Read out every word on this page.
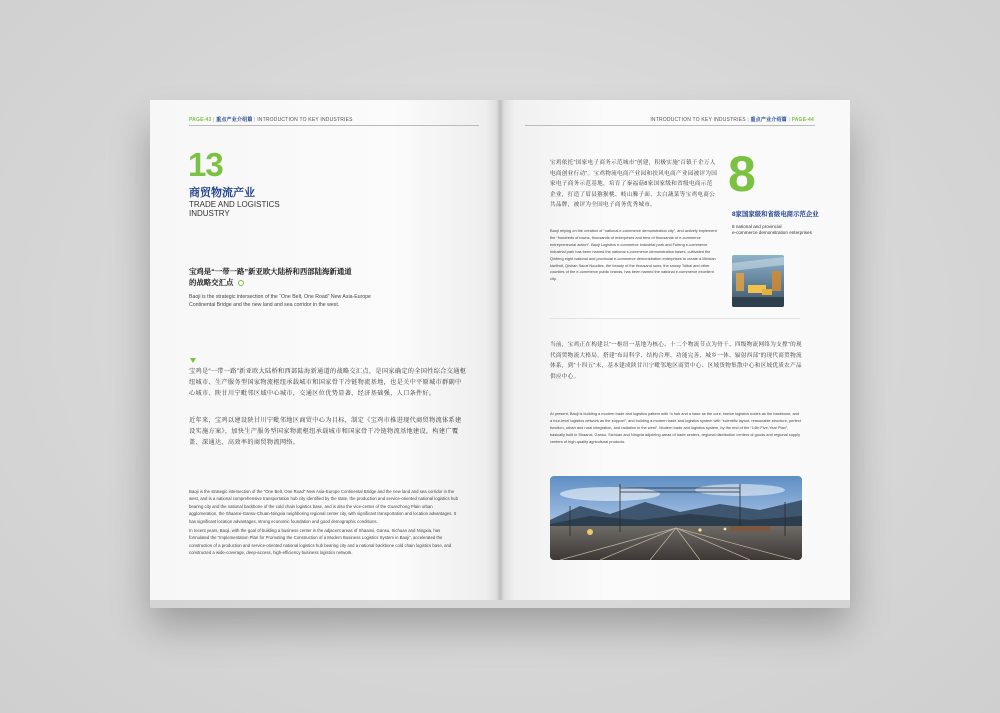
PAGE-43 | 重点产业介绍篇 | INTRODUCTION TO KEY INDUSTRIES
13
商贸物流产业
TRADE AND LOGISTICS
INDUSTRY
宝鸡是“一带一路”新亚欧大陆桥和西部陆海新通道
的战略交汇点
Baoji is the strategic intersection of the “One Belt, One Road” New Asia-Europe
Continental Bridge and the new land and sea corridor in the west.
宝鸡是“一带一路”新亚欧大陆桥和西部陆海新通道的战略交汇点，是国家确定的全国性综合交通枢纽城市、生产服务型国家物流枢纽承载城市和国家骨干冷链物流基地，也是关中平原城市群副中心城市、陕甘川宁毗邻区域中心城市，交通区位优势显著，经济基础强，人口条件好。
近年来，宝鸡以建设陕甘川宁毗邻地区商贸中心为目标，制定《宝鸡市推进现代商贸物流体系建设实施方案》，加快生产服务型国家物流枢纽承载城市和国家骨干冷链物流基地建设，构建广覆盖、深通达、高效率的商贸物流网络。
Baoji is the strategic intersection of the “One Belt, One Road” New Asia-Europe Continental Bridge and the new land and sea corridor in the west, and is a national comprehensive transportation hub city identified by the state, the production and service-oriented national logistics hub bearing city and the national backbone of the cold chain logistics base, and is also the vice-center of the Guanzhong Plain urban agglomeration, the Shaanxi-Gansu-Chuan-Ningxia neighboring regional center city, with significant transportation and location advantages. It has significant location advantages, strong economic foundation and good demographic conditions.
In recent years, Baoji, with the goal of building a business center in the adjacent areas of Shaanxi, Gansu, Sichuan and Ningxia, has formulated the “Implementation Plan for Promoting the Construction of a Modern Business Logistics System in Baoji”, accelerated the construction of a production and service-oriented national logistics hub bearing city and a national backbone cold chain logistics base, and constructed a wide-coverage, deep-access, high-efficiency business logistics network.
INTRODUCTION TO KEY INDUSTRIES | 重点产业介绍篇 | PAGE-44
宝鸡依托“国家电子商务示范城市”创建，积极实施“百镇千企万人电商创业行动”。宝鸡物流电商产业园和扶风电商产业园被评为国家电子商务示范基地，培育了秦福菇8家国家级和省级电商示范企业，打造了眉县猕猴桃、岐山臊子面、太白蔬菜等宝鸡电商公共品牌，被评为全国电子商务优秀城市。
Baoji relying on the creation of “national e-commerce demonstration city”, and actively implement the “hundreds of towns, thousands of enterprises and tens of thousands of e-commerce entrepreneurial action”. Baoji Logistics e-commerce industrial park and Fufeng e-commerce industrial park has been named the national e-commerce demonstration bases, cultivated the Qinfeng eight national and provincial e-commerce demonstration enterprises to create a Meixian kiwifruit, Qishan Saozi Noodles, the beauty of the thousand suns, the snowy Taibai and other counties of the e-commerce public brands, has been named the national e-commerce excellent city.
8
8家国家级和省级电商示范企业
8 national and provincial
e-commerce demonstration enterprises
当前，宝鸡正在构建以“一枢纽一基地为核心、十二个物流节点为骨干、四级物流网络为支撑”的现代商贸物流大格局，搭建“布局科学、结构合理、功能完善、城乡一体、辐射西部”的现代商贸物流体系，到“十四五”末，基本建成陕甘川宁毗邻地区商贸中心、区域货物集散中心和区域优质农产品供应中心。
At present, Baoji is building a modern trade and logistics pattern with “a hub and a base as the core, twelve logistics nodes as the backbone, and a four-level logistics network as the support”, and building a modern trade and logistics system with “scientific layout, reasonable structure, perfect function, urban and rural integration, and radiation in the west”. Modern trade and logistics system, by the end of the “14th Five-Year Plan”, basically built in Shaanxi, Gansu, Sichuan and Ningxia adjoining areas of trade centers, regional distribution centers of goods and regional supply centers of high-quality agricultural products.
